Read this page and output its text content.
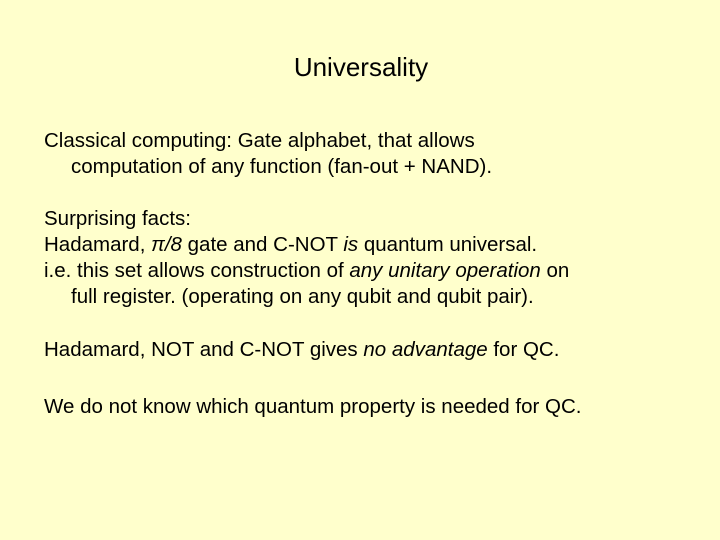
Universality
Classical computing: Gate alphabet, that allows
computation of any function (fan-out + NAND).
Surprising facts:
Hadamard, π/8 gate and C-NOT is quantum universal.
i.e. this set allows construction of any unitary operation on
full register. (operating on any qubit and qubit pair).
Hadamard, NOT and C-NOT gives no advantage for QC.
We do not know which quantum property is needed for QC.
